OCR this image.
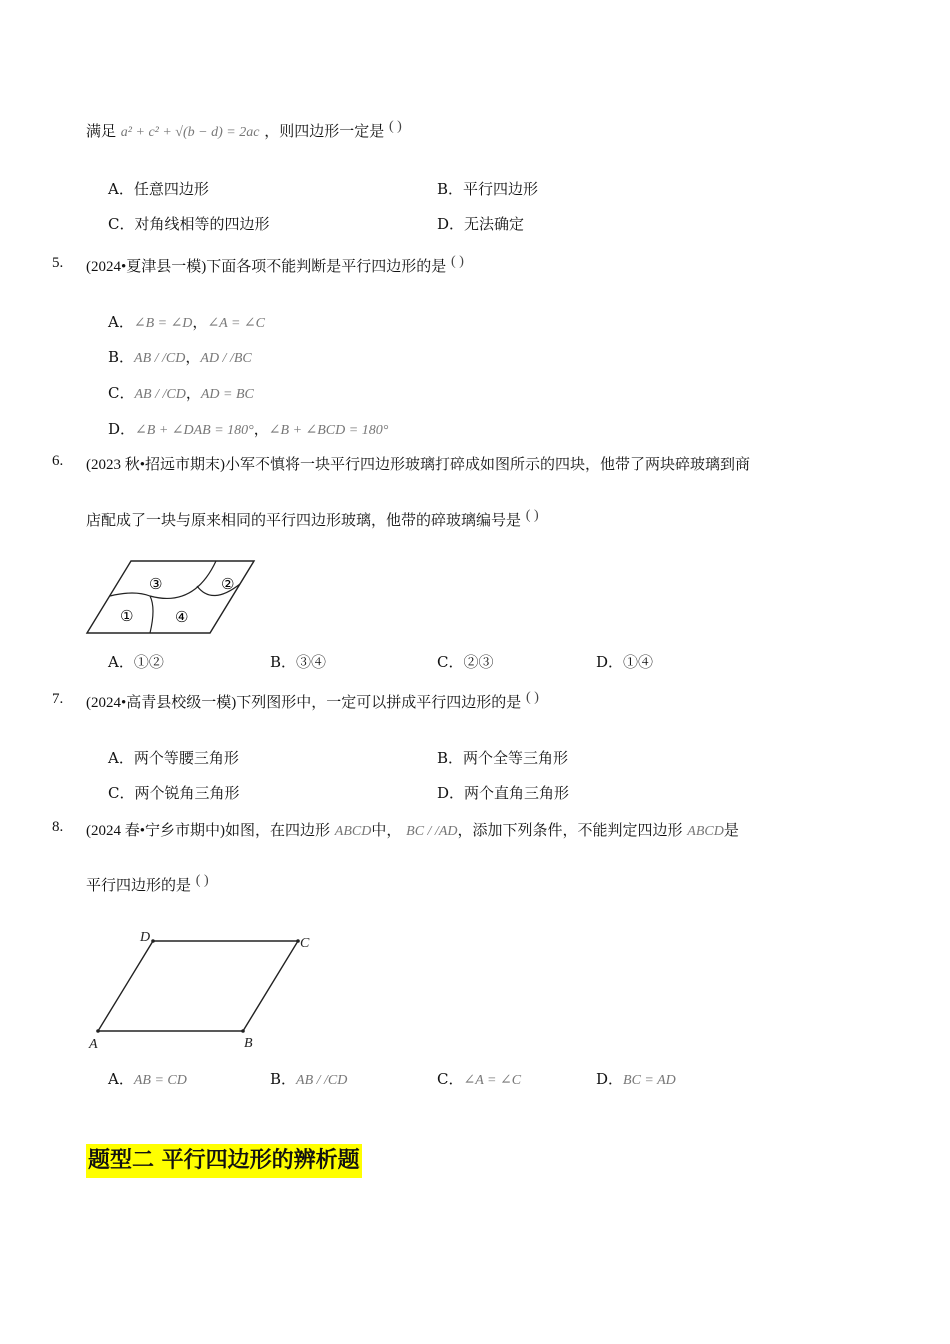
满足 a² + c² + √(b − d) = 2ac ，则四边形一定是 ( )
A．任意四边形	B．平行四边形
C．对角线相等的四边形	D．无法确定
5. (2024•夏津县一模)下面各项不能判断是平行四边形的是 ( )
A．∠B = ∠D，∠A = ∠C
B．AB / /CD，AD / /BC
C．AB / /CD，AD = BC
D．∠B + ∠DAB = 180°，∠B + ∠BCD = 180°
6. (2023 秋•招远市期末)小军不慎将一块平行四边形玻璃打碎成如图所示的四块，他带了两块碎玻璃到商
店配成了一块与原来相同的平行四边形玻璃，他带的碎玻璃编号是 ( )
①
②
③
④
A．①②	B．③④	C．②③	D．①④
7. (2024•高青县校级一模)下列图形中，一定可以拼成平行四边形的是 ( )
A．两个等腰三角形	B．两个全等三角形
C．两个锐角三角形	D．两个直角三角形
8. (2024 春•宁乡市期中)如图，在四边形 ABCD中， BC / /AD，添加下列条件，不能判定四边形 ABCD是
平行四边形的是 ( )
A	B
C
D
A．AB = CD	B．AB / /CD	C．∠A = ∠C	D．BC = AD
题型二 平行四边形的辨析题
